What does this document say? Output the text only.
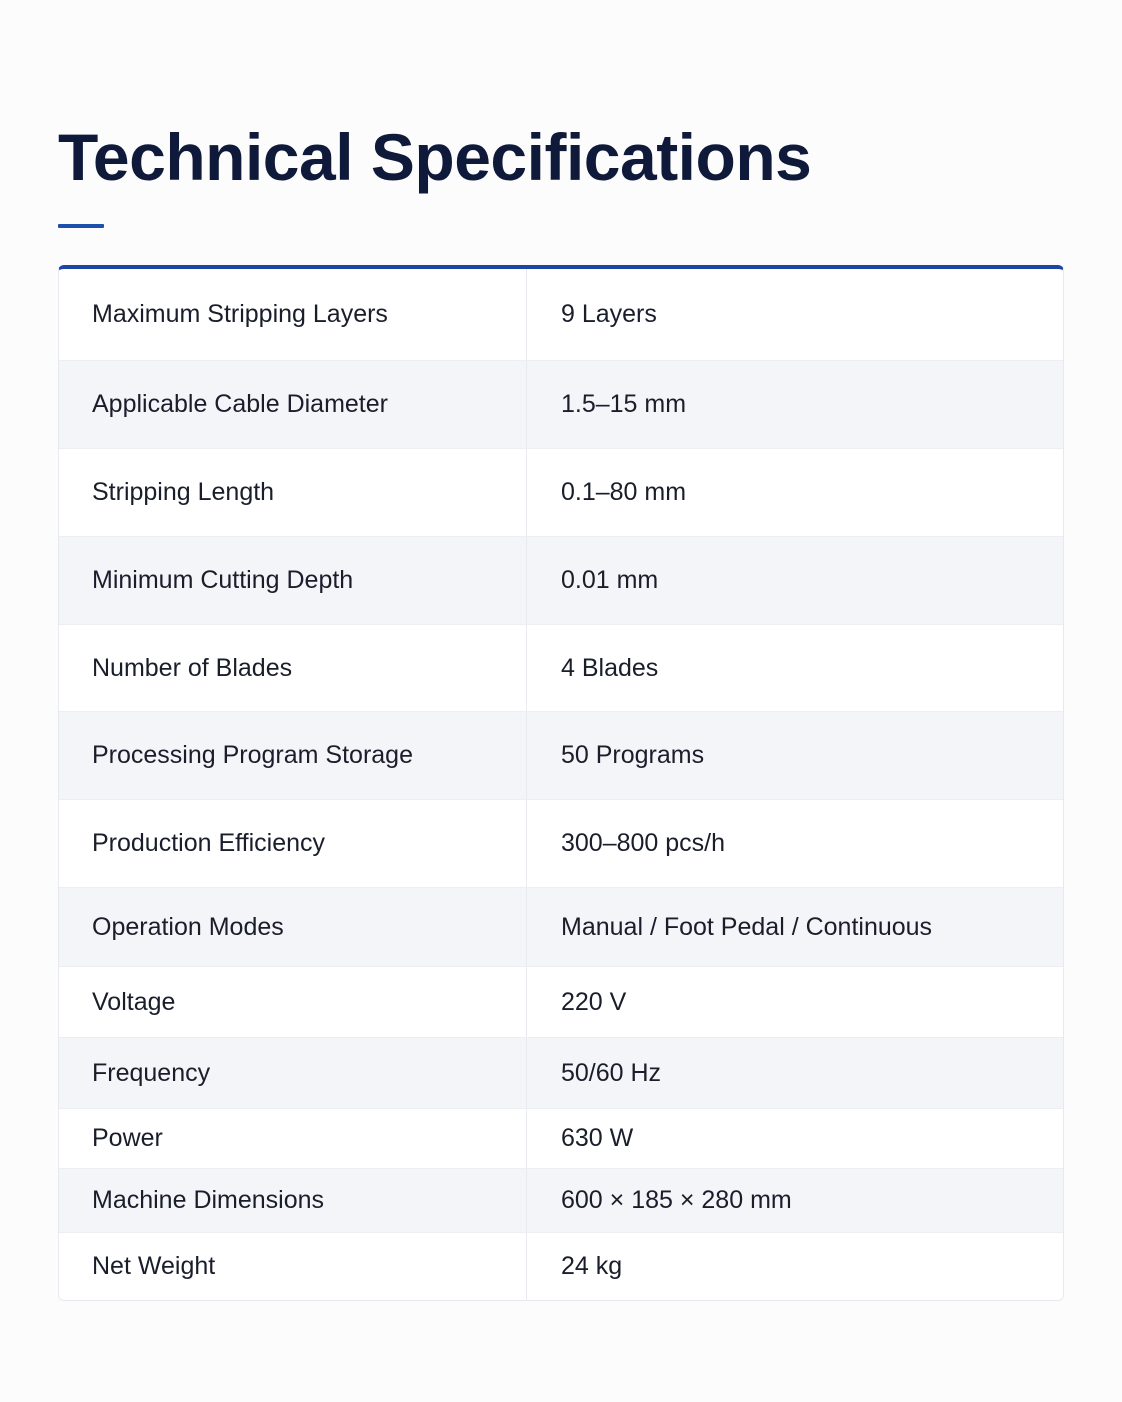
Technical Specifications
Maximum Stripping Layers	9 Layers
Applicable Cable Diameter	1.5–15 mm
Stripping Length	0.1–80 mm
Minimum Cutting Depth	0.01 mm
Number of Blades	4 Blades
Processing Program Storage	50 Programs
Production Efficiency	300–800 pcs/h
Operation Modes	Manual / Foot Pedal / Continuous
Voltage	220 V
Frequency	50/60 Hz
Power	630 W
Machine Dimensions	600 × 185 × 280 mm
Net Weight	24 kg
